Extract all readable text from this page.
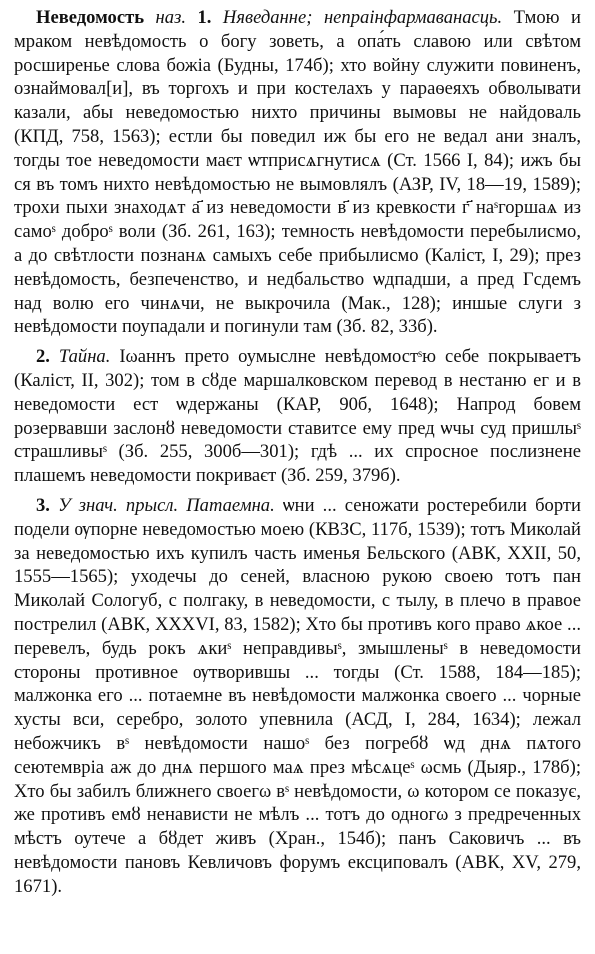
Неведомость наз. 1. Няведанне; непраінфармаванасць. Тмою и мраком невѣдомость о богу зоветь, а опа́ть славою или свѣтом росширенье слова божіа (Будны, 174б); хто войну служити повиненъ, ознаймовал[и], въ торгохъ и при костелахъ у параѳеяхъ обволывати казали, абы неведомостью нихто причины вымовы не найдоваль (КПД, 758, 1563); естли бы поведил иж бы его не ведал ани зналъ, тогды тое неведомости маєт ѡтприсѧгнутисѧ (Ст. 1566 I, 84); ижъ бы ся въ томъ нихто невѣдомостью не вымовлялъ (АЗР, IV, 18—19, 1589); трохи пыхи знаходѧт а҃ из неведомости в҃ из кревкости г҃ наˢгоршаѧ из самоˢ доброˢ воли (Зб. 261, 163); темность невѣдомости перебылисмо, а до свѣтлости познанѧ самыхъ себе прибылисмо (Каліст, I, 29); през невѣдомость, безпеченство, и недбальство ѡдпадши, а пред Гсдемъ над волю его чинѧчи, не выкрочила (Мак., 128); иншые слуги з невѣдомости поупадали и погинули там (Зб. 82, 33б).

2. Тайна. Iωаннъ прето оумыслне невѣдомостˢю себе покрываетъ (Каліст, II, 302); том в сȣде маршалковском перевод в нестаню ег и в неведомости ест ѡдержаны (КАР, 90б, 1648); Напрод бовем розервавши заслонȣ неведомости ставитсе ему пред ѡчы суд пришлыˢ страшливыˢ (Зб. 255, 300б—301); гдѣ ... их спросное послизнене плашемъ неведомости покриваєт (Зб. 259, 379б).

3. У знач. прысл. Патаемна. ѡни ... сеножати ростеребили борти подели ѹпорне неведомостью моею (КВЗС, 117б, 1539); тотъ Миколай за неведомостью ихъ купилъ часть именья Бельского (АВК, XXII, 50, 1555—1565); уходечы до сеней, власною рукою своею тотъ пан Миколай Сологуб, с полгаку, в неведомости, с тылу, в плечо в правое пострелил (АВК, XXXVI, 83, 1582); Хто бы противъ кого право ѧкое ... перевелъ, будь рокъ ѧкиˢ неправдивыˢ, змышленыˢ в неведомости стороны противное ѹтворившы ... тогды (Ст. 1588, 184—185); малжонка его ... потаемне въ невѣдомости малжонка своего ... чорные хусты вси, серебро, золото упевнила (АСД, I, 284, 1634); лежал небожчикъ вˢ невѣдомости нашоˢ без погребȣ ѡд днѧ пѧтого сеютемвріа аж до днѧ першого маѧ през мѣсѧцеˢ ωсмь (Дыяр., 178б); Хто бы забилъ ближнего своегω вˢ невѣдомости, ω котором се показує, же противъ емȣ ненависти не мѣлъ ... тотъ до одногω з предреченных мѣстъ оутече а бȣдет живъ (Хран., 154б); панъ Саковичъ ... въ невѣдомости пановъ Кевличовъ форумъ ексциповалъ (АВК, XV, 279, 1671).
